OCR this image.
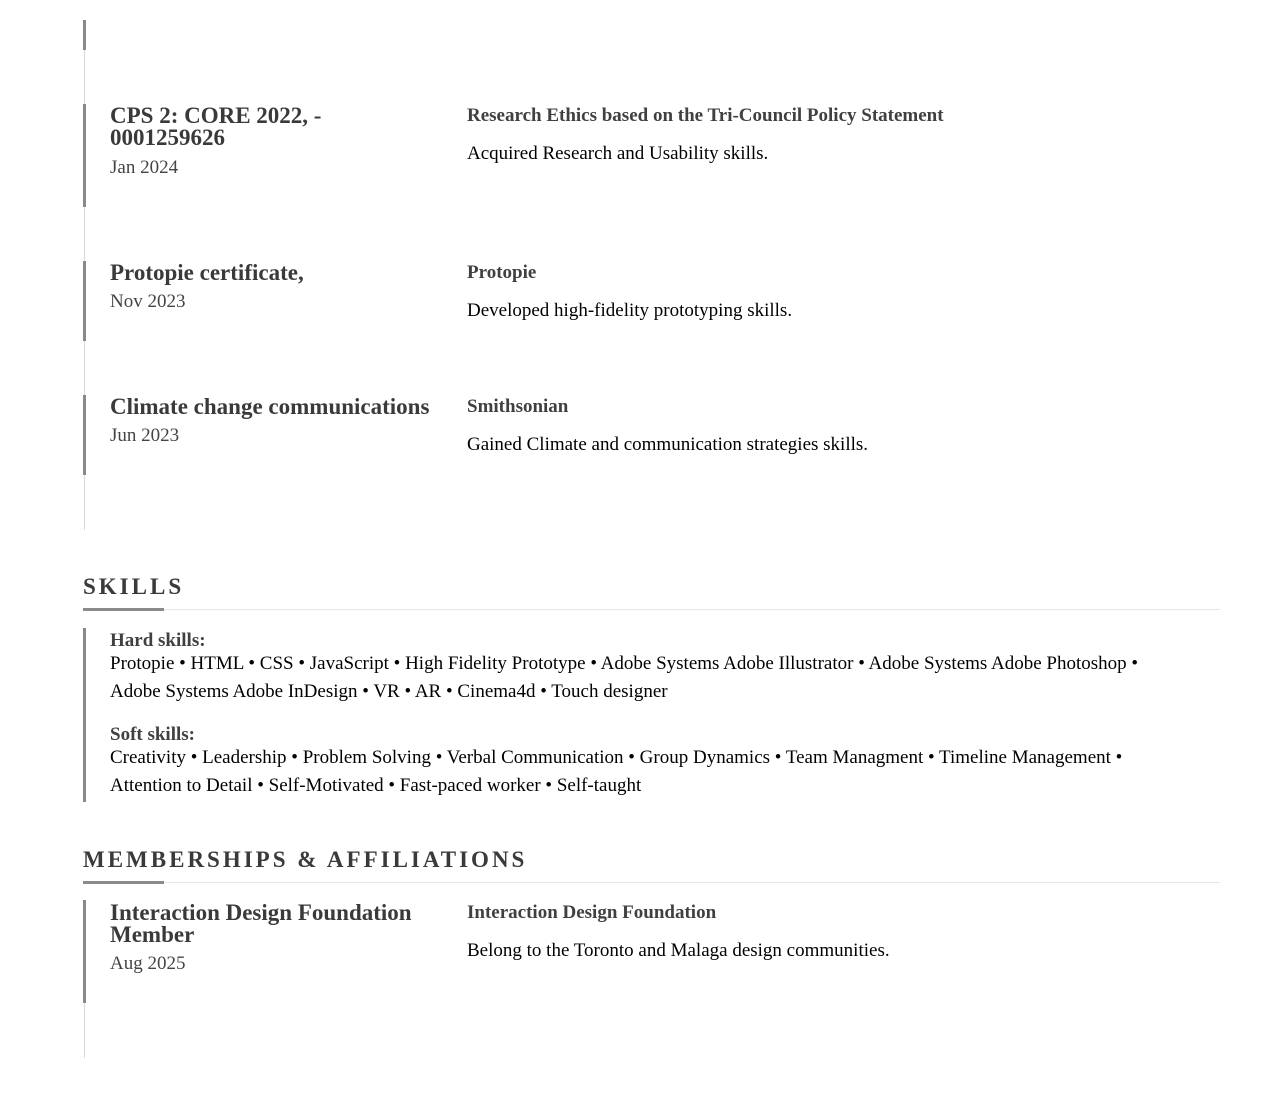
CPS 2: CORE 2022, - 0001259626
Jan 2024
Research Ethics based on the Tri-Council Policy Statement
Acquired Research and Usability skills.
Protopie certificate,
Nov 2023
Protopie
Developed high-fidelity prototyping skills.
Climate change communications
Jun 2023
Smithsonian
Gained Climate and communication strategies skills.
SKILLS
Hard skills:
Protopie • HTML • CSS • JavaScript • High Fidelity Prototype • Adobe Systems Adobe Illustrator • Adobe Systems Adobe Photoshop • Adobe Systems Adobe InDesign • VR • AR • Cinema4d • Touch designer
Soft skills:
Creativity • Leadership • Problem Solving • Verbal Communication • Group Dynamics • Team Managment • Timeline Management • Attention to Detail • Self-Motivated • Fast-paced worker • Self-taught
MEMBERSHIPS & AFFILIATIONS
Interaction Design Foundation Member
Aug 2025
Interaction Design Foundation
Belong to the Toronto and Malaga design communities.
